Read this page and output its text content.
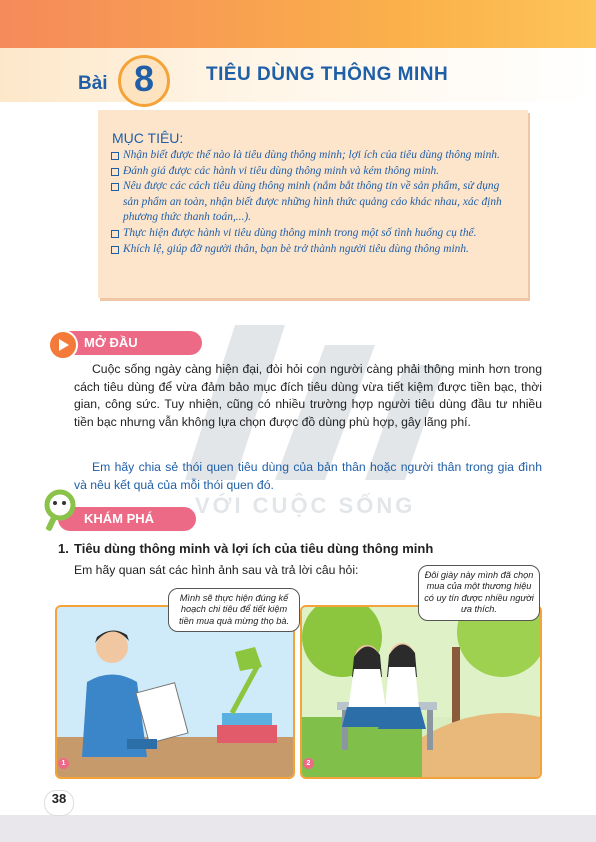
Bài 8	TIÊU DÙNG THÔNG MINH
MỤC TIÊU:
Nhận biết được thế nào là tiêu dùng thông minh; lợi ích của tiêu dùng thông minh.
Đánh giá được các hành vi tiêu dùng thông minh và kém thông minh.
Nêu được các cách tiêu dùng thông minh (nắm bắt thông tin về sản phẩm, sử dụng sản phẩm an toàn, nhận biết được những hình thức quảng cáo khác nhau, xác định phương thức thanh toán,...).
Thực hiện được hành vi tiêu dùng thông minh trong một số tình huống cụ thể.
Khích lệ, giúp đỡ người thân, bạn bè trở thành người tiêu dùng thông minh.
VỚI CUỘC SỐNG
MỞ ĐẦU
Cuộc sống ngày càng hiện đại, đòi hỏi con người càng phải thông minh hơn trong cách tiêu dùng để vừa đảm bảo mục đích tiêu dùng vừa tiết kiệm được tiền bạc, thời gian, công sức. Tuy nhiên, cũng có nhiều trường hợp người tiêu dùng đầu tư nhiều tiền bạc nhưng vẫn không lựa chọn được đồ dùng phù hợp, gây lãng phí.
Em hãy chia sẻ thói quen tiêu dùng của bản thân hoặc người thân trong gia đình và nêu kết quả của mỗi thói quen đó.
KHÁM PHÁ
1. Tiêu dùng thông minh và lợi ích của tiêu dùng thông minh
Em hãy quan sát các hình ảnh sau và trả lời câu hỏi:
1
Mình sẽ thực hiện đúng kế hoạch chi tiêu để tiết kiệm tiền mua quà mừng thọ bà.
2
Đôi giày này mình đã chọn mua của một thương hiệu có uy tín được nhiều người ưa thích.
38
